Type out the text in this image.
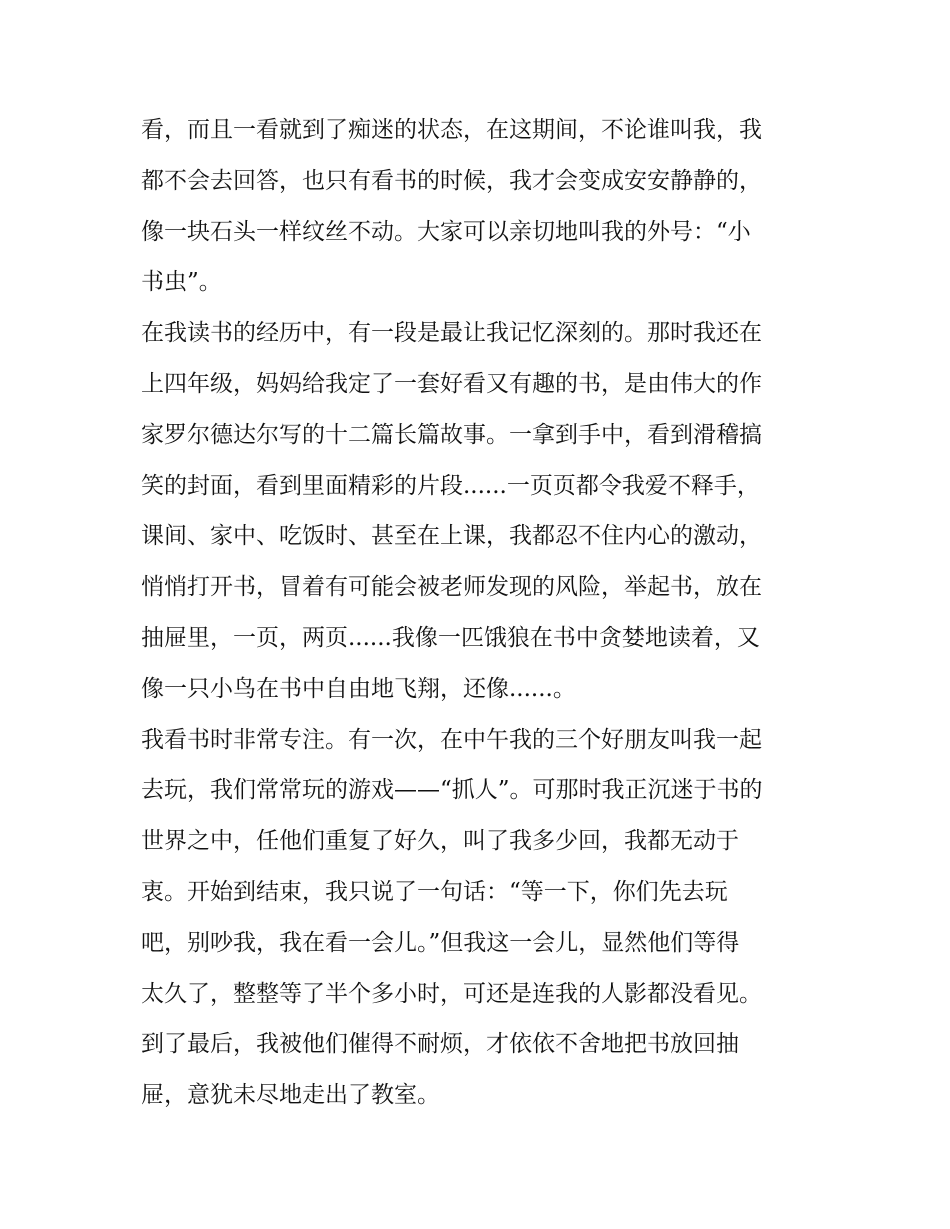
看，而且一看就到了痴迷的状态，在这期间，不论谁叫我，我
都不会去回答，也只有看书的时候，我才会变成安安静静的，
像一块石头一样纹丝不动。大家可以亲切地叫我的外号：“小
书虫”。
在我读书的经历中，有一段是最让我记忆深刻的。那时我还在
上四年级，妈妈给我定了一套好看又有趣的书，是由伟大的作
家罗尔德达尔写的十二篇长篇故事。一拿到手中，看到滑稽搞
笑的封面，看到里面精彩的片段......一页页都令我爱不释手，
课间、家中、吃饭时、甚至在上课，我都忍不住内心的激动，
悄悄打开书，冒着有可能会被老师发现的风险，举起书，放在
抽屉里，一页，两页......我像一匹饿狼在书中贪婪地读着，又
像一只小鸟在书中自由地飞翔，还像......。
我看书时非常专注。有一次，在中午我的三个好朋友叫我一起
去玩，我们常常玩的游戏——“抓人”。可那时我正沉迷于书的
世界之中，任他们重复了好久，叫了我多少回，我都无动于
衷。开始到结束，我只说了一句话：“等一下，你们先去玩
吧，别吵我，我在看一会儿。”但我这一会儿，显然他们等得
太久了，整整等了半个多小时，可还是连我的人影都没看见。
到了最后，我被他们催得不耐烦，才依依不舍地把书放回抽
屉，意犹未尽地走出了教室。
